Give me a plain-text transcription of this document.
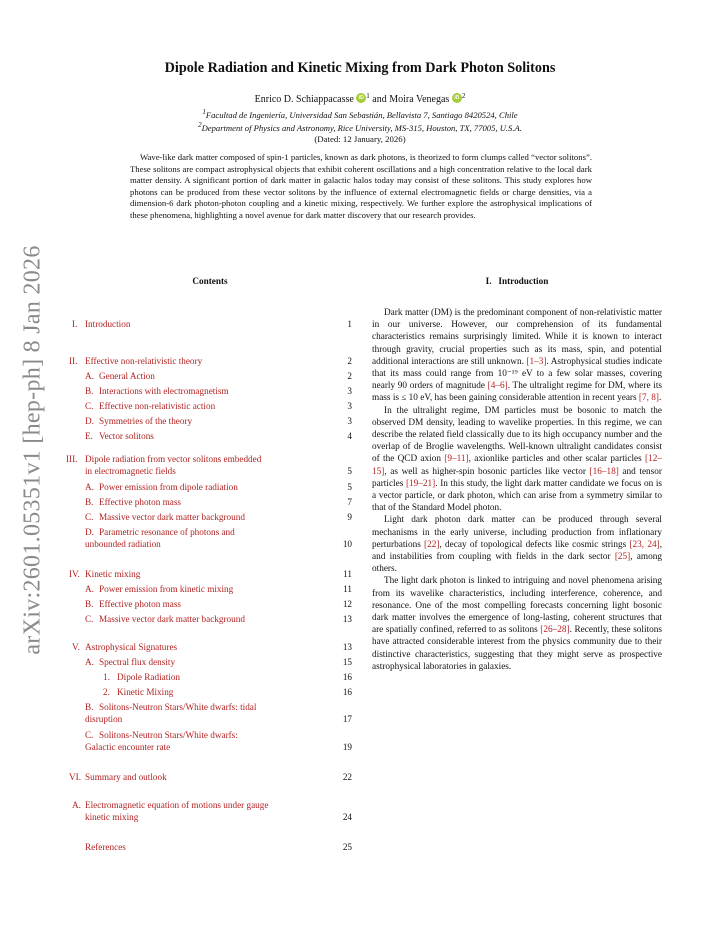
arXiv:2601.05351v1 [hep-ph] 8 Jan 2026
Dipole Radiation and Kinetic Mixing from Dark Photon Solitons
Enrico D. Schiappacasse iD $^1$ and Moira Venegas iD $^2$
$^1$Facultad de Ingeniería, Universidad San Sebastián, Bellavista 7, Santiago 8420524, Chile
$^2$Department of Physics and Astronomy, Rice University, MS-315, Houston, TX, 77005, U.S.A.
(Dated: 12 January, 2026)
Wave-like dark matter composed of spin-1 particles, known as dark photons, is theorized to form clumps called “vector solitons”. These solitons are compact astrophysical objects that exhibit coherent oscillations and a high concentration relative to the local dark matter density. A significant portion of dark matter in galactic halos today may consist of these solitons. This study explores how photons can be produced from these vector solitons by the influence of external electromagnetic fields or charge densities, via a dimension-6 dark photon-photon coupling and a kinetic mixing, respectively. We further explore the astrophysical implications of these phenomena, highlighting a novel avenue for dark matter discovery that our research provides.
Contents	I.   Introduction
I. Introduction	1
II. Effective non-relativistic theory	2
A. General Action	2
B. Interactions with electromagnetism	3
C. Effective non-relativistic action	3
D. Symmetries of the theory	3
E. Vector solitons	4
III. Dipole radiation from vector solitons embedded
in electromagnetic fields	5
A. Power emission from dipole radiation	5
B. Effective photon mass	7
C. Massive vector dark matter background	9
D. Parametric resonance of photons and
unbounded radiation	10
IV. Kinetic mixing	11
A. Power emission from kinetic mixing	11
B. Effective photon mass	12
C. Massive vector dark matter background	13
V. Astrophysical Signatures	13
A. Spectral flux density	15
1. Dipole Radiation	16
2. Kinetic Mixing	16
B. Solitons-Neutron Stars/White dwarfs: tidal
disruption	17
C. Solitons-Neutron Stars/White dwarfs:
Galactic encounter rate	19
VI. Summary and outlook	22
A. Electromagnetic equation of motions under gauge
kinetic mixing	24
References	25

Dark matter (DM) is the predominant component of non-relativistic matter in our universe. However, our comprehension of its fundamental characteristics remains surprisingly limited. While it is known to interact through gravity, crucial properties such as its mass, spin, and potential additional interactions are still unknown. [1–3]. Astrophysical studies indicate that its mass could range from 10⁻¹⁹ eV to a few solar masses, covering nearly 90 orders of magnitude [4–6]. The ultralight regime for DM, where its mass is ≤ 10 eV, has been gaining considerable attention in recent years [7, 8].

In the ultralight regime, DM particles must be bosonic to match the observed DM density, leading to wavelike properties. In this regime, we can describe the related field classically due to its high occupancy number and the overlap of de Broglie wavelengths. Well-known ultralight candidates consist of the QCD axion [9–11], axionlike particles and other scalar particles [12–15], as well as higher-spin bosonic particles like vector [16–18] and tensor particles [19–21]. In this study, the light dark matter candidate we focus on is a vector particle, or dark photon, which can arise from a symmetry similar to that of the Standard Model photon.

Light dark photon dark matter can be produced through several mechanisms in the early universe, including production from inflationary perturbations [22], decay of topological defects like cosmic strings [23, 24], and instabilities from coupling with fields in the dark sector [25], among others.

The light dark photon is linked to intriguing and novel phenomena arising from its wavelike characteristics, including interference, coherence, and resonance. One of the most compelling forecasts concerning light bosonic dark matter involves the emergence of long-lasting, coherent structures that are spatially confined, referred to as solitons [26–28]. Recently, these solitons have attracted considerable interest from the physics community due to their distinctive characteristics, suggesting that they might serve as prospective astrophysical laboratories in galaxies.
